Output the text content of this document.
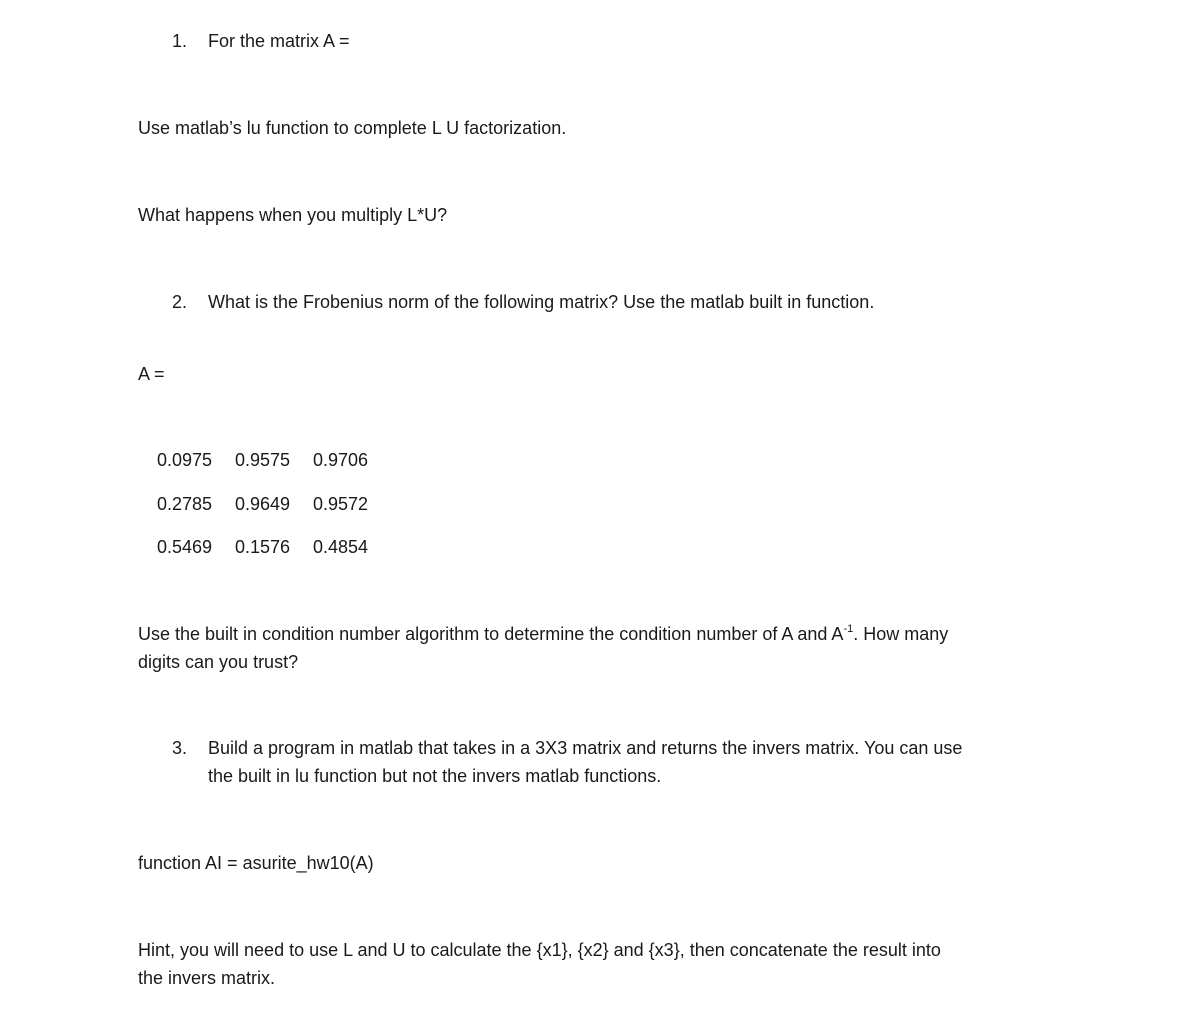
1. For the matrix A =
Use matlab’s lu function to complete L U factorization.
What happens when you multiply L*U?
2. What is the Frobenius norm of the following matrix? Use the matlab built in function.
A =
0.0975 0.9575 0.9706
0.2785 0.9649 0.9572
0.5469 0.1576 0.4854
Use the built in condition number algorithm to determine the condition number of A and $A^{-1}$. How many
digits can you trust?
3. Build a program in matlab that takes in a 3X3 matrix and returns the invers matrix. You can use
the built in lu function but not the invers matlab functions.
function AI = asurite_hw10(A)
Hint, you will need to use L and U to calculate the {x1}, {x2} and {x3}, then concatenate the result into
the invers matrix.
